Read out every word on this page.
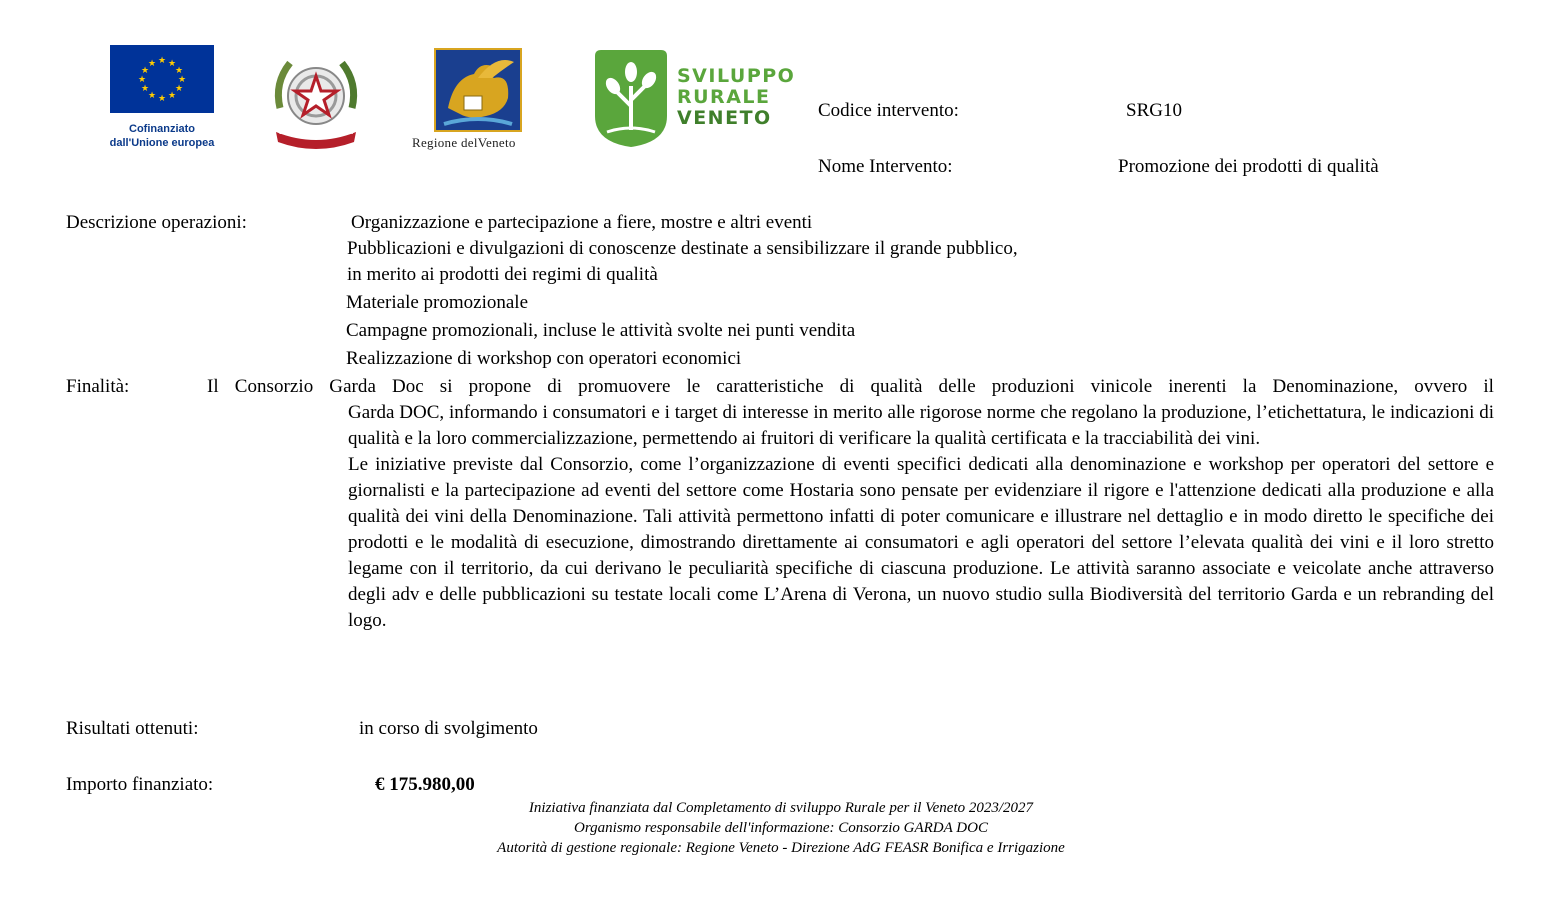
★ ★
★
★
★
★
★
★
★
★
★
★
Cofinanziato
dall'Unione europea
REPVBBLICA ITALIANA
Regione delVeneto
SVILUPPO
RURALE
VENETO	Codice intervento:	SRG10
Nome Intervento:	Promozione dei prodotti di qualità
Descrizione operazioni:	Organizzazione e partecipazione a fiere, mostre e altri eventi
Pubblicazioni e divulgazioni di conoscenze destinate a sensibilizzare il grande pubblico,
in merito ai prodotti dei regimi di qualità
Materiale promozionale
Campagne promozionali, incluse le attività svolte nei punti vendita
Realizzazione di workshop con operatori economici
Finalità:	Il Consorzio Garda Doc si propone di promuovere le caratteristiche di qualità delle produzioni vinicole inerenti la Denominazione, ovvero il
Garda DOC, informando i consumatori e i target di interesse in merito alle rigorose norme che regolano la produzione, l’etichettatura, le indicazioni di qualità e la loro commercializzazione, permettendo ai fruitori di verificare la qualità certificata e la tracciabilità dei vini.
Le iniziative previste dal Consorzio, come l’organizzazione di eventi specifici dedicati alla denominazione e workshop per operatori del settore e giornalisti e la partecipazione ad eventi del settore come Hostaria sono pensate per evidenziare il rigore e l'attenzione dedicati alla produzione e alla qualità dei vini della Denominazione. Tali attività permettono infatti di poter comunicare e illustrare nel dettaglio e in modo diretto le specifiche dei prodotti e le modalità di esecuzione, dimostrando direttamente ai consumatori e agli operatori del settore l’elevata qualità dei vini e il loro stretto legame con il territorio, da cui derivano le peculiarità specifiche di ciascuna produzione. Le attività saranno associate e veicolate anche attraverso degli adv e delle pubblicazioni su testate locali come L’Arena di Verona, un nuovo studio sulla Biodiversità del territorio Garda e un rebranding del logo.
Risultati ottenuti:	in corso di svolgimento
Importo finanziato:	€ 175.980,00
Iniziativa finanziata dal Completamento di sviluppo Rurale per il Veneto 2023/2027
Organismo responsabile dell'informazione: Consorzio GARDA DOC
Autorità di gestione regionale: Regione Veneto - Direzione AdG FEASR Bonifica e Irrigazione
